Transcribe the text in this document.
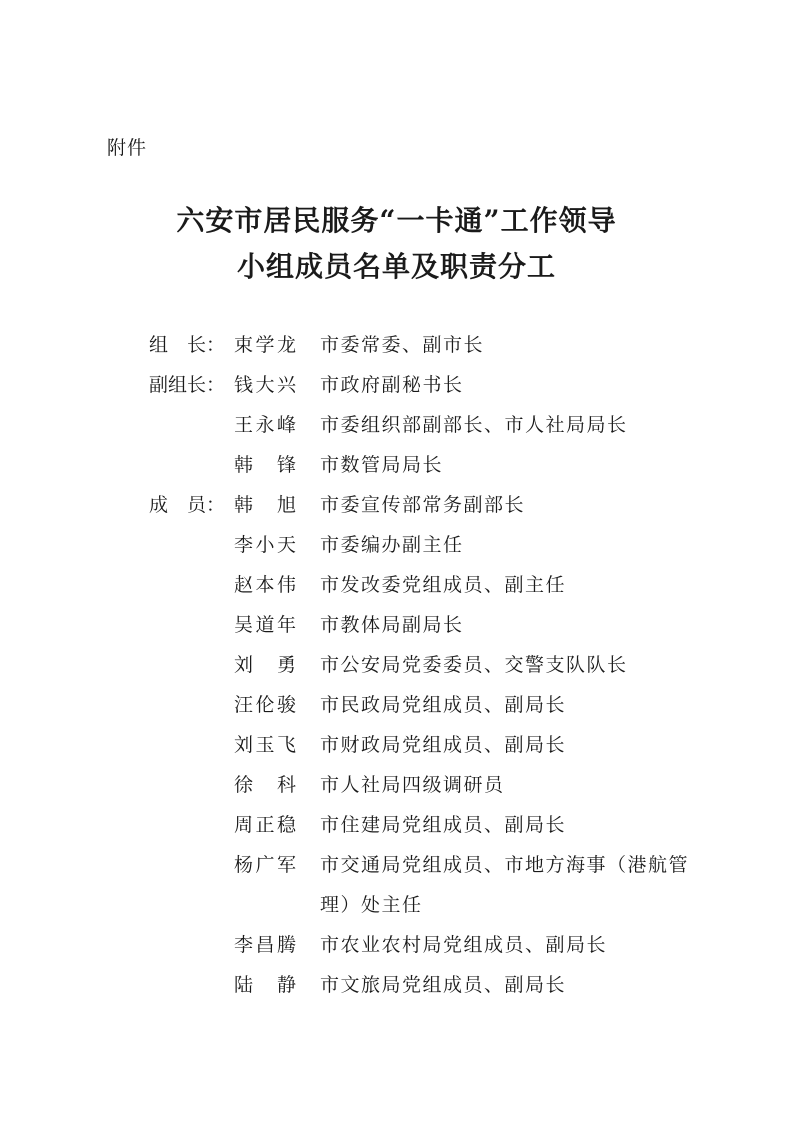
附件
六安市居民服务“一卡通”工作领导
小组成员名单及职责分工
组　长： 束学龙 市委常委、副市长
副组长： 钱大兴 市政府副秘书长
王永峰 市委组织部副部长、市人社局局长
韩　锋 市数管局局长
成　员： 韩　旭 市委宣传部常务副部长
李小天 市委编办副主任
赵本伟 市发改委党组成员、副主任
吴道年 市教体局副局长
刘　勇 市公安局党委委员、交警支队队长
汪伦骏 市民政局党组成员、副局长
刘玉飞 市财政局党组成员、副局长
徐　科 市人社局四级调研员
周正稳 市住建局党组成员、副局长
杨广军 市交通局党组成员、市地方海事（港航管
理）处主任
李昌腾 市农业农村局党组成员、副局长
陆　静 市文旅局党组成员、副局长
